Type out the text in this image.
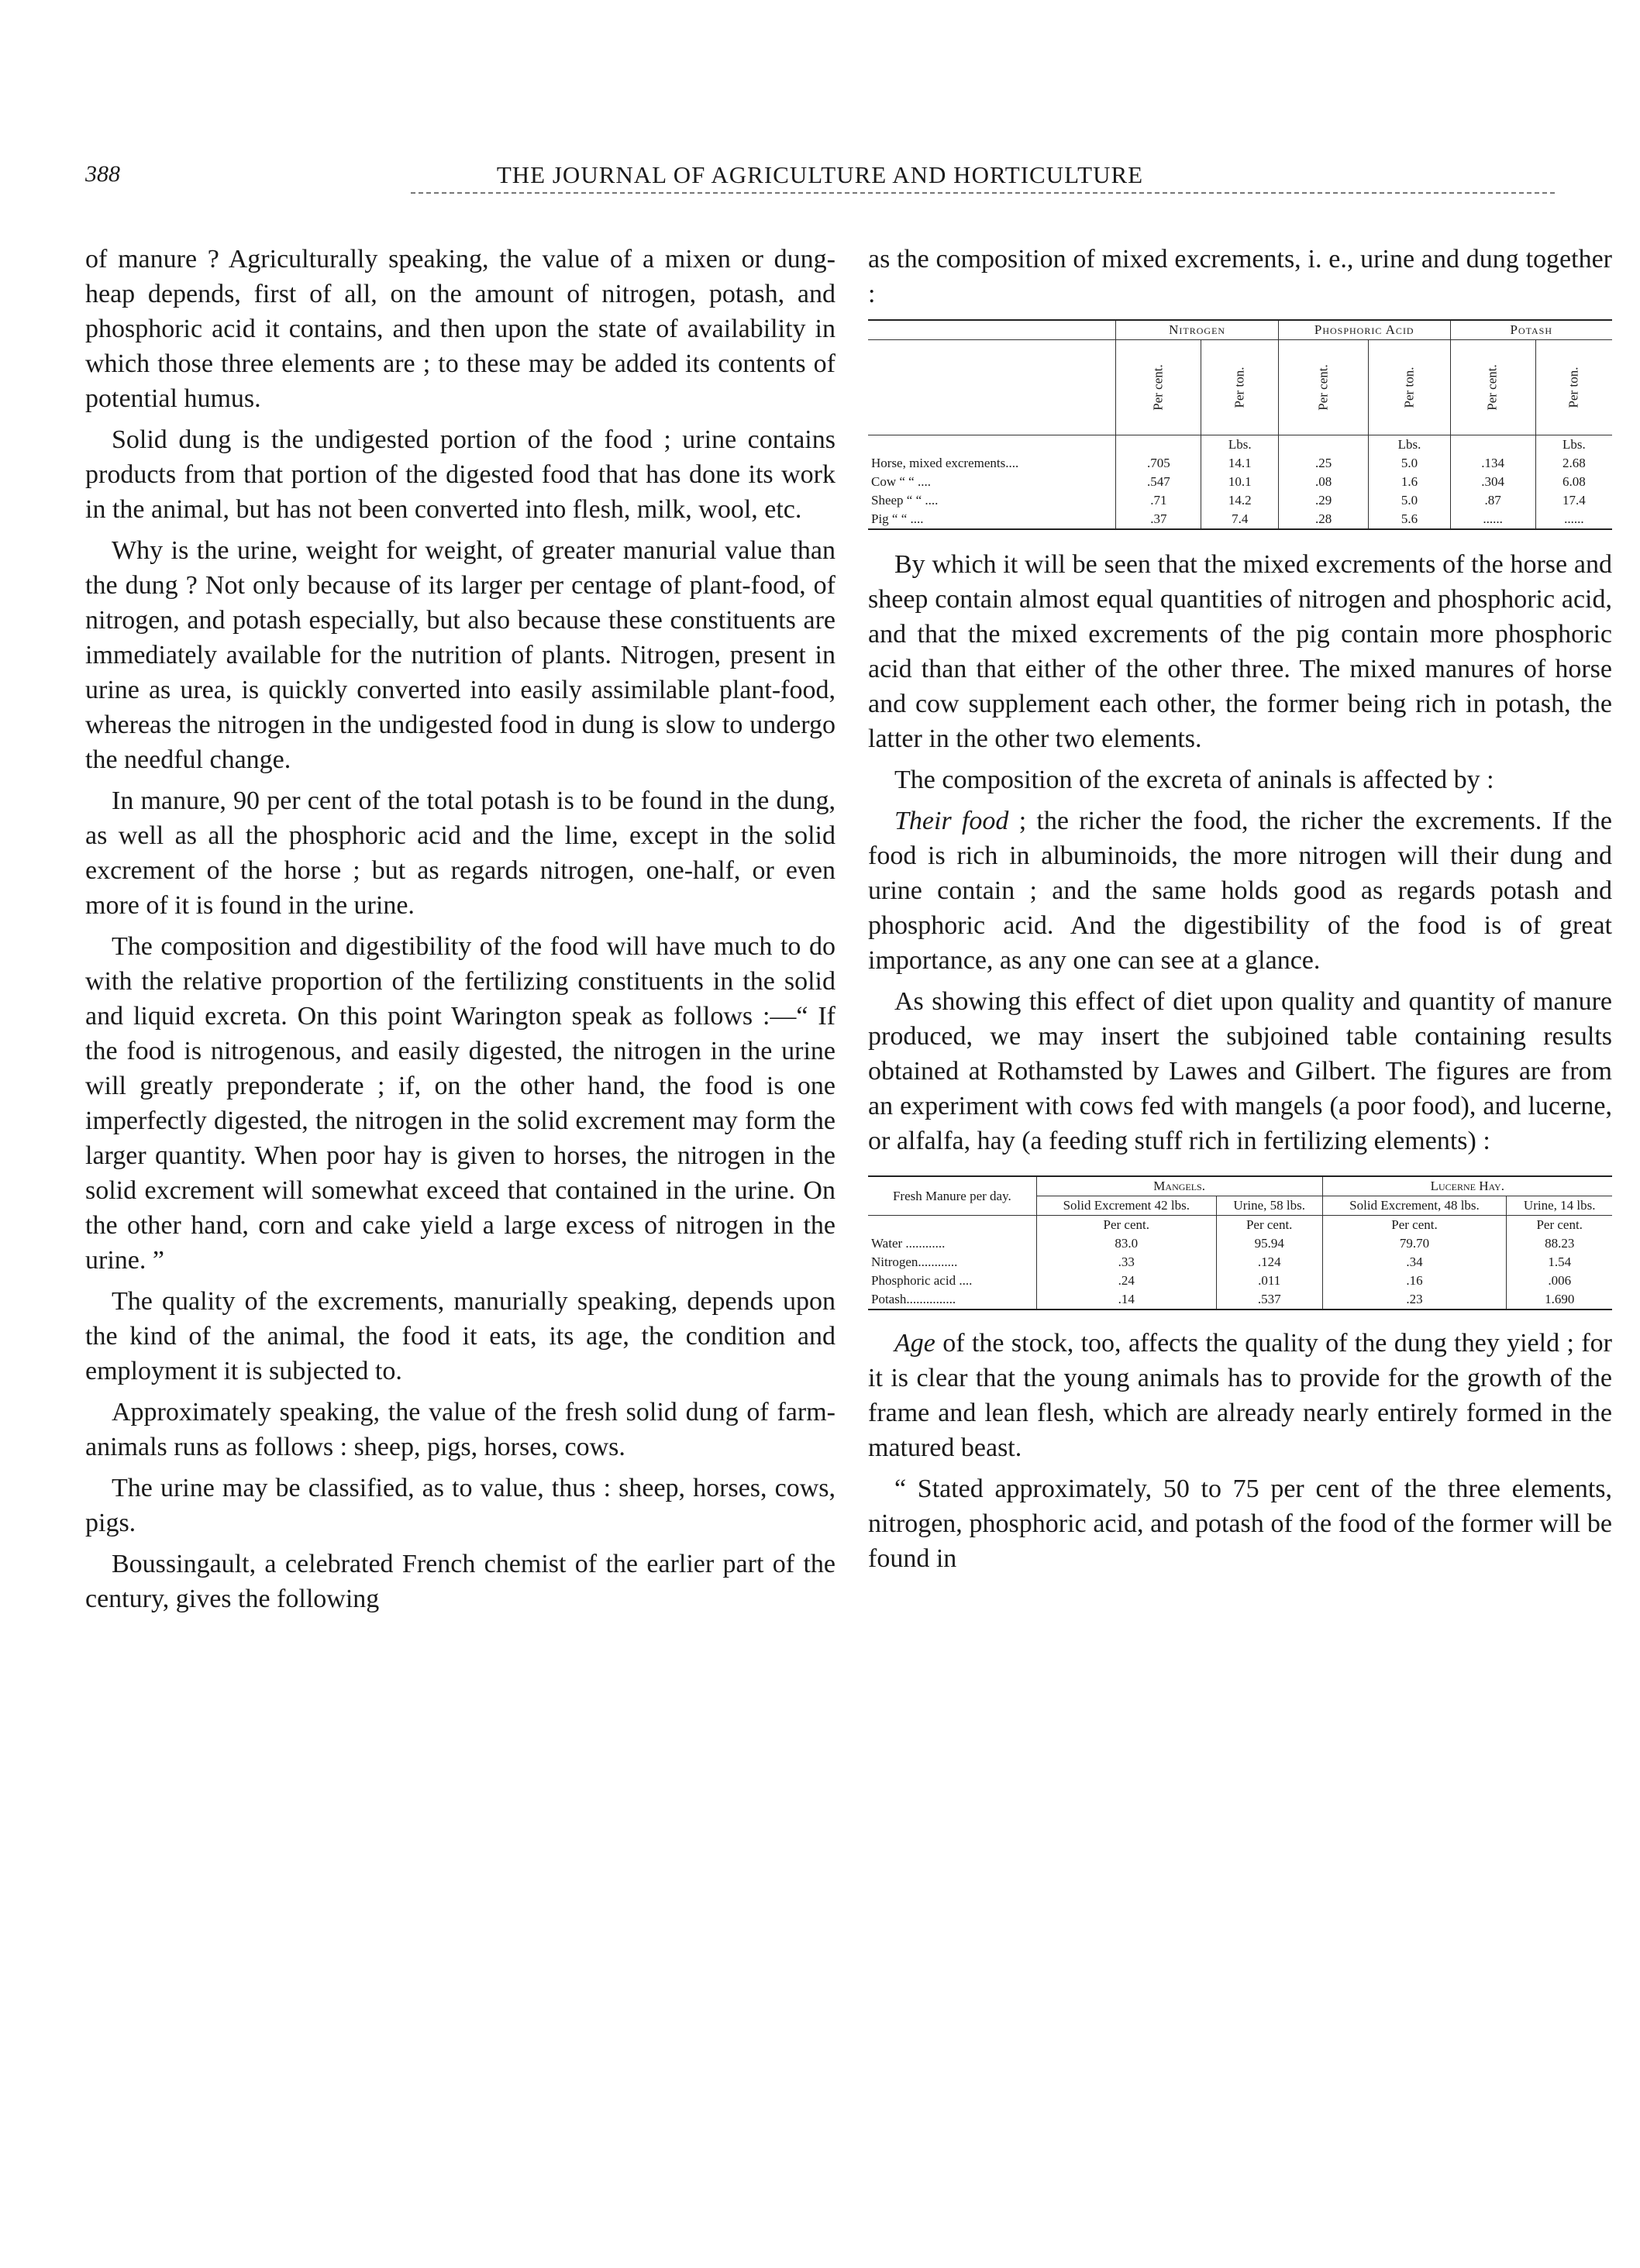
388	THE JOURNAL OF AGRICULTURE AND HORTICULTURE

of manure ? Agriculturally speaking, the value of a mixen or dung-heap depends, first of all, on the amount of nitrogen, potash, and phosphoric acid it contains, and then upon the state of availability in which those three elements are ; to these may be added its contents of potential humus.

Solid dung is the undigested portion of the food ; urine contains products from that portion of the digested food that has done its work in the animal, but has not been converted into flesh, milk, wool, etc.

Why is the urine, weight for weight, of greater manurial value than the dung ? Not only because of its larger per centage of plant-food, of nitrogen, and potash especially, but also because these constituents are immediately available for the nutrition of plants. Nitrogen, present in urine as urea, is quickly converted into easily assimilable plant-food, whereas the nitrogen in the undigested food in dung is slow to undergo the needful change.

In manure, 90 per cent of the total potash is to be found in the dung, as well as all the phosphoric acid and the lime, except in the solid excrement of the horse ; but as regards nitrogen, one-half, or even more of it is found in the urine.

The composition and digestibility of the food will have much to do with the relative proportion of the fertilizing constituents in the solid and liquid excreta. On this point Warington speak as follows :—“ If the food is nitrogenous, and easily digested, the nitrogen in the urine will greatly preponderate ; if, on the other hand, the food is one imperfectly digested, the nitrogen in the solid excrement may form the larger quantity. When poor hay is given to horses, the nitrogen in the solid excrement will somewhat exceed that contained in the urine. On the other hand, corn and cake yield a large excess of nitrogen in the urine. ”

The quality of the excrements, manurially speaking, depends upon the kind of the animal, the food it eats, its age, the condition and employment it is subjected to.

Approximately speaking, the value of the fresh solid dung of farm-animals runs as follows : sheep, pigs, horses, cows.

The urine may be classified, as to value, thus : sheep, horses, cows, pigs.

Boussingault, a celebrated French chemist of the earlier part of the century, gives the following

as the composition of mixed excrements, i. e., urine and dung together :

	Nitrogen		Phosphoric Acid		Potash	
	Per cent.	Per ton.	Per cent.	Per ton.	Per cent.	Per ton.
		Lbs.		Lbs.		Lbs.
Horse, mixed excrements....	.705	14.1	.25	5.0	.134	2.68
Cow “ “ ....	.547	10.1	.08	1.6	.304	6.08
Sheep “ “ ....	.71	14.2	.29	5.0	.87	17.4
Pig “ “ ....	.37	7.4	.28	5.6	......	......

By which it will be seen that the mixed excrements of the horse and sheep contain almost equal quantities of nitrogen and phosphoric acid, and that the mixed excrements of the pig contain more phosphoric acid than that either of the other three. The mixed manures of horse and cow supplement each other, the former being rich in potash, the latter in the other two elements.

The composition of the excreta of aninals is affected by :

Their food ; the richer the food, the richer the excrements. If the food is rich in albuminoids, the more nitrogen will their dung and urine contain ; and the same holds good as regards potash and phosphoric acid. And the digestibility of the food is of great importance, as any one can see at a glance.

As showing this effect of diet upon quality and quantity of manure produced, we may insert the subjoined table containing results obtained at Rothamsted by Lawes and Gilbert. The figures are from an experiment with cows fed with mangels (a poor food), and lucerne, or alfalfa, hay (a feeding stuff rich in fertilizing elements) :

Fresh Manure per day.	Mangels.		Lucerne Hay.	
	Solid Excrement 42 lbs.	Urine, 58 lbs.	Solid Excrement, 48 lbs.	Urine, 14 lbs.
	Per cent.	Per cent.	Per cent.	Per cent.
Water ............	83.0	95.94	79.70	88.23
Nitrogen............	.33	.124	.34	1.54
Phosphoric acid ....	.24	.011	.16	.006
Potash...............	.14	.537	.23	1.690

Age of the stock, too, affects the quality of the dung they yield ; for it is clear that the young animals has to provide for the growth of the frame and lean flesh, which are already nearly entirely formed in the matured beast.

“ Stated approximately, 50 to 75 per cent of the three elements, nitrogen, phosphoric acid, and potash of the food of the former will be found in
